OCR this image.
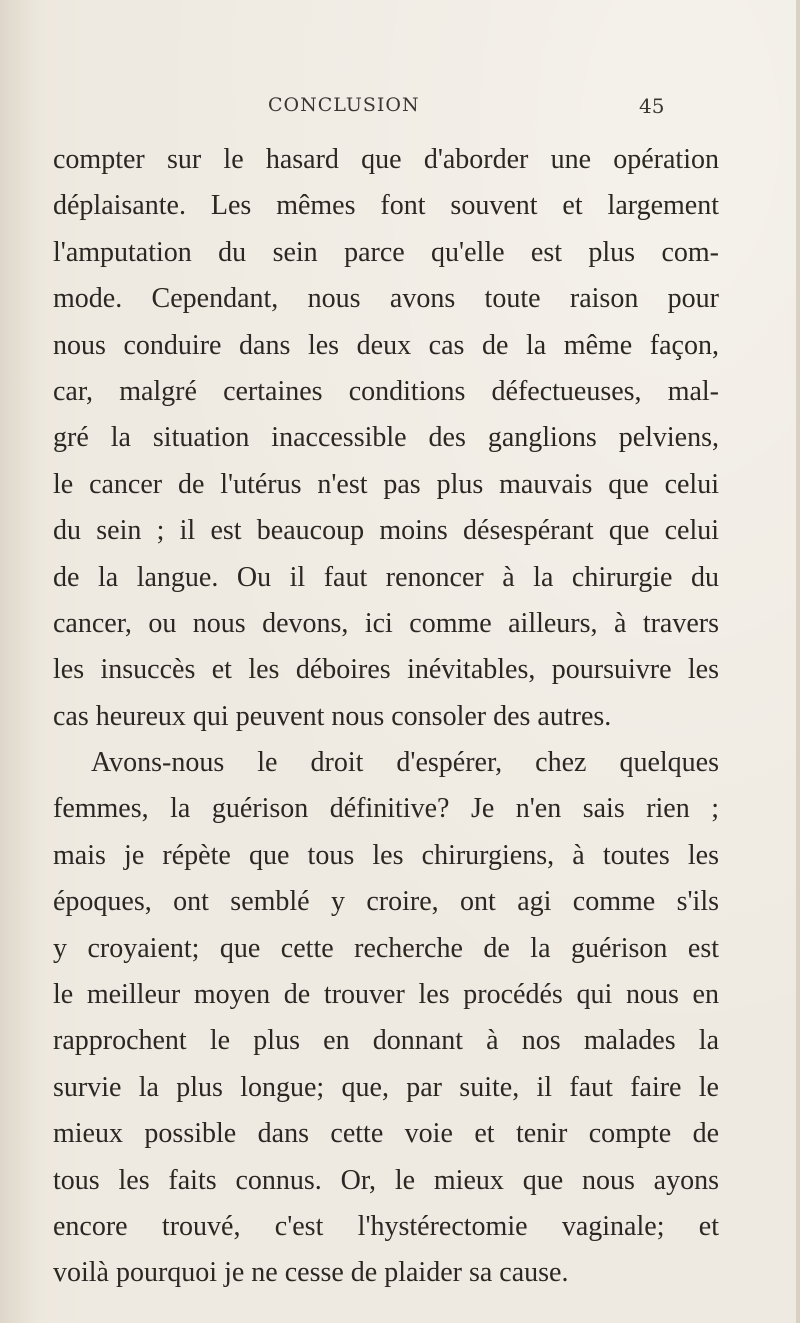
CONCLUSION	45
compter sur le hasard que d'aborder une opération
déplaisante. Les mêmes font souvent et largement
l'amputation du sein parce qu'elle est plus com-
mode. Cependant, nous avons toute raison pour
nous conduire dans les deux cas de la même façon,
car, malgré certaines conditions défectueuses, mal-
gré la situation inaccessible des ganglions pelviens,
le cancer de l'utérus n'est pas plus mauvais que celui
du sein ; il est beaucoup moins désespérant que celui
de la langue. Ou il faut renoncer à la chirurgie du
cancer, ou nous devons, ici comme ailleurs, à travers
les insuccès et les déboires inévitables, poursuivre les
cas heureux qui peuvent nous consoler des autres.
Avons-nous le droit d'espérer, chez quelques
femmes, la guérison définitive? Je n'en sais rien ;
mais je répète que tous les chirurgiens, à toutes les
époques, ont semblé y croire, ont agi comme s'ils
y croyaient; que cette recherche de la guérison est
le meilleur moyen de trouver les procédés qui nous en
rapprochent le plus en donnant à nos malades la
survie la plus longue; que, par suite, il faut faire le
mieux possible dans cette voie et tenir compte de
tous les faits connus. Or, le mieux que nous ayons
encore trouvé, c'est l'hystérectomie vaginale; et
voilà pourquoi je ne cesse de plaider sa cause.
